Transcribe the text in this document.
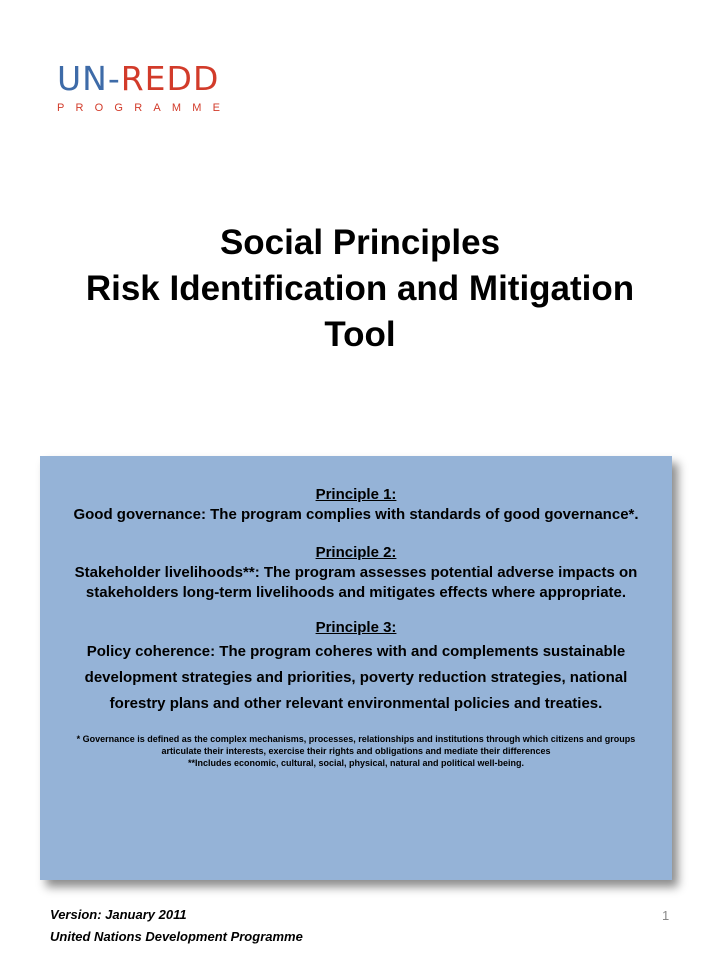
UN-REDD
PROGRAMME
Social Principles
Risk Identification and Mitigation
Tool
Principle 1:
Good governance: The program complies with standards of good governance*.
Principle 2:
Stakeholder livelihoods**: The program assesses potential adverse impacts on stakeholders long-term livelihoods and mitigates effects where appropriate.
Principle 3:
Policy coherence: The program coheres with and complements sustainable development strategies and priorities, poverty reduction strategies, national forestry plans and other relevant environmental policies and treaties.
* Governance is defined as the complex mechanisms, processes, relationships and institutions through which citizens and groups articulate their interests, exercise their rights and obligations and mediate their differences
**Includes economic, cultural, social, physical, natural and political well-being.
Version: January 2011
United Nations Development Programme
1
